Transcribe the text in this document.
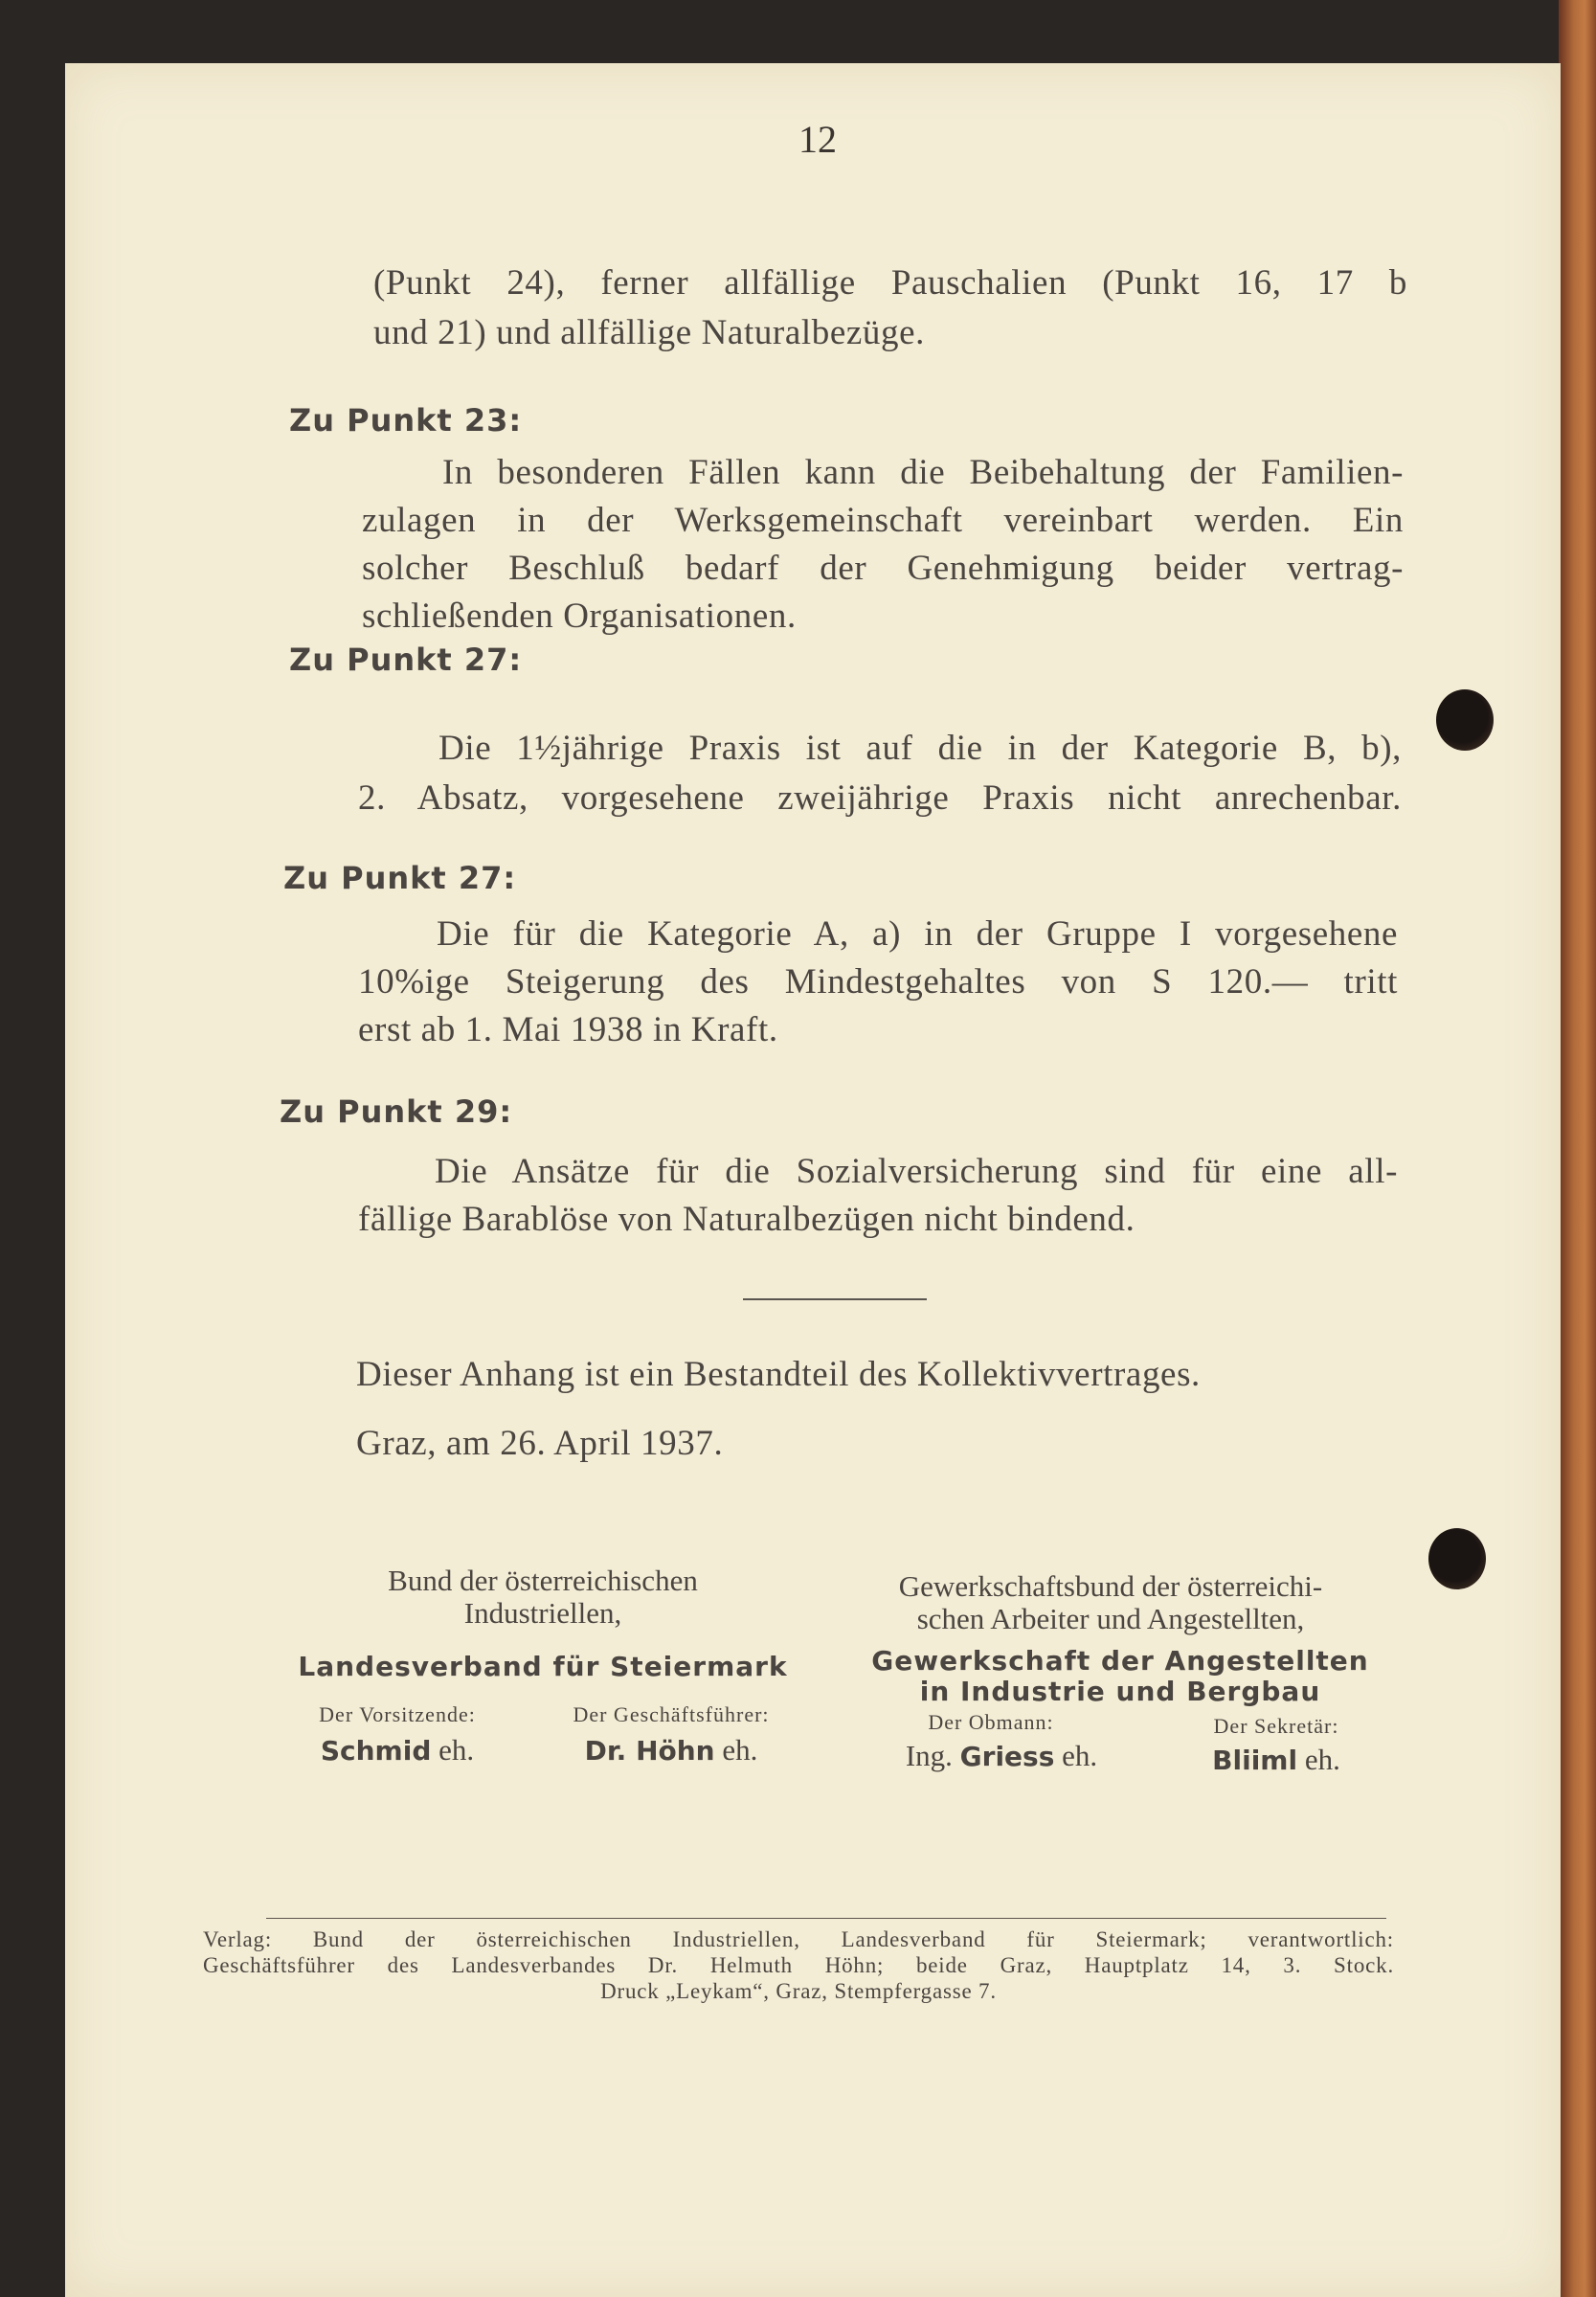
12
(Punkt 24), ferner allfällige Pauschalien (Punkt 16, 17 b
und 21) und allfällige Naturalbezüge.
Zu Punkt 23:
In besonderen Fällen kann die Beibehaltung der Familien-
zulagen in der Werksgemeinschaft vereinbart werden. Ein
solcher Beschluß bedarf der Genehmigung beider vertrag-
schließenden Organisationen.
Zu Punkt 27:
Die 1½jährige Praxis ist auf die in der Kategorie B, b),
2. Absatz, vorgesehene zweijährige Praxis nicht anrechenbar.
Zu Punkt 27:
Die für die Kategorie A, a) in der Gruppe I vorgesehene
10%ige Steigerung des Mindestgehaltes von S 120.— tritt
erst ab 1. Mai 1938 in Kraft.
Zu Punkt 29:
Die Ansätze für die Sozialversicherung sind für eine all-
fällige Barablöse von Naturalbezügen nicht bindend.
Dieser Anhang ist ein Bestandteil des Kollektivvertrages.
Graz, am 26. April 1937.
Bund der österreichischen
Industriellen,
Landesverband für Steiermark
Der Vorsitzende:	Der Geschäftsführer:
Schmid eh.	Dr. Höhn eh.
Gewerkschaftsbund der österreichi-
schen Arbeiter und Angestellten,
Gewerkschaft der Angestellten
in Industrie und Bergbau
Der Obmann:	Der Sekretär:
Ing. Griess eh.	Bliiml eh.
Verlag: Bund der österreichischen Industriellen, Landesverband für Steiermark; verantwortlich:
Geschäftsführer des Landesverbandes Dr. Helmuth Höhn; beide Graz, Hauptplatz 14, 3. Stock.
Druck „Leykam“, Graz, Stempfergasse 7.
